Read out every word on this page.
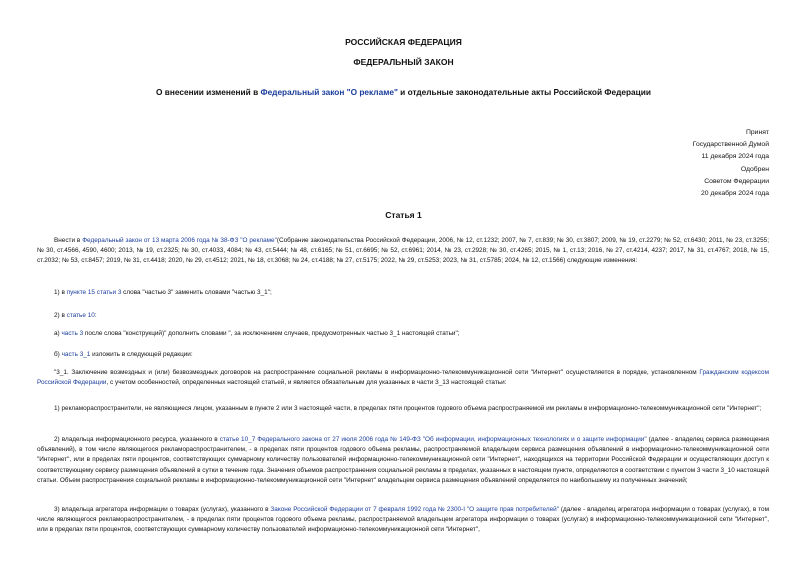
РОССИЙСКАЯ ФЕДЕРАЦИЯ
ФЕДЕРАЛЬНЫЙ ЗАКОН
О внесении изменений в Федеральный закон "О рекламе" и отдельные законодательные акты Российской Федерации
Принят
Государственной Думой
11 декабря 2024 года
Одобрен
Советом Федерации
20 декабря 2024 года
Статья 1
Внести в Федеральный закон от 13 марта 2006 года № 38-ФЗ "О рекламе"(Собрание законодательства Российской Федерации, 2006, № 12, ст.1232; 2007, № 7, ст.839; № 30, ст.3807; 2009, № 19, ст.2279; № 52, ст.6430; 2011, № 23, ст.3255; № 30, ст.4566, 4590, 4600; 2013, № 19, ст.2325; № 30, ст.4033, 4084; № 43, ст.5444; № 48, ст.6165; № 51, ст.6695; № 52, ст.6961; 2014, № 23, ст.2928; № 30, ст.4265; 2015, № 1, ст.13; 2016, № 27, ст.4214, 4237; 2017, № 31, ст.4767; 2018, № 15, ст.2032; № 53, ст.8457; 2019, № 31, ст.4418; 2020, № 29, ст.4512; 2021, № 18, ст.3068; № 24, ст.4188; № 27, ст.5175; 2022, № 29, ст.5253; 2023, № 31, ст.5785; 2024, № 12, ст.1566) следующие изменения:
1) в пункте 15 статьи 3 слова "частью 3" заменить словами "частью 3_1";
2) в статье 10:
а) часть 3 после слова "конструкций)" дополнить словами ", за исключением случаев, предусмотренных частью 3_1 настоящей статьи";
б) часть 3_1 изложить в следующей редакции:
"3_1. Заключение возмездных и (или) безвозмездных договоров на распространение социальной рекламы в информационно-телекоммуникационной сети "Интернет" осуществляется в порядке, установленном Гражданским кодексом Российской Федерации, с учетом особенностей, определенных настоящей статьей, и является обязательным для указанных в части 3_13 настоящей статьи:
1) рекламораспространители, не являющиеся лицом, указанным в пункте 2 или 3 настоящей части, в пределах пяти процентов годового объема распространяемой им рекламы в информационно-телекоммуникационной сети "Интернет";
2) владельца информационного ресурса, указанного в статье 10_7 Федерального закона от 27 июля 2006 года № 149-ФЗ "Об информации, информационных технологиях и о защите информации" (далее - владелец сервиса размещения объявлений), в том числе являющегося рекламораспространителем, - в пределах пяти процентов годового объема рекламы, распространяемой владельцем сервиса размещения объявлений в информационно-телекоммуникационной сети "Интернет", или в пределах пяти процентов, соответствующих суммарному количеству пользователей информационно-телекоммуникационной сети "Интернет", находящихся на территории Российской Федерации и осуществляющих доступ к соответствующему сервису размещения объявлений в сутки в течение года. Значения объемов распространения социальной рекламы в пределах, указанных в настоящем пункте, определяются в соответствии с пунктом 3 части 3_10 настоящей статьи. Объем распространения социальной рекламы в информационно-телекоммуникационной сети "Интернет" владельцем сервиса размещения объявлений определяется по наибольшему из полученных значений;
3) владельца агрегатора информации о товарах (услугах), указанного в Законе Российской Федерации от 7 февраля 1992 года № 2300-I "О защите прав потребителей" (далее - владелец агрегатора информации о товарах (услугах), в том числе являющегося рекламораспространителем, - в пределах пяти процентов годового объема рекламы, распространяемой владельцем агрегатора информации о товарах (услугах) в информационно-телекоммуникационной сети "Интернет", или в пределах пяти процентов, соответствующих суммарному количеству пользователей информационно-телекоммуникационной сети "Интернет",
